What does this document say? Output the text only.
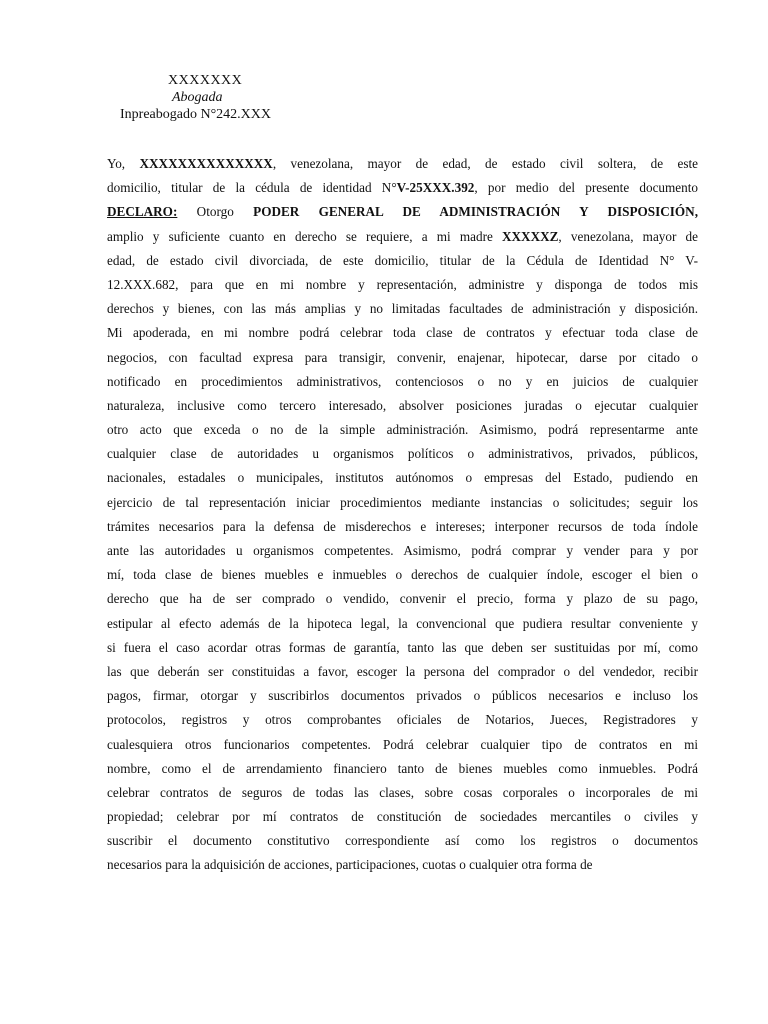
XXXXXXX
Abogada
Inpreabogado N°242.XXX
Yo, XXXXXXXXXXXXXX, venezolana, mayor de edad, de estado civil soltera, de este
domicilio, titular de la cédula de identidad N°V-25XXX.392, por medio del presente documento
DECLARO: Otorgo PODER GENERAL DE ADMINISTRACIÓN Y DISPOSICIÓN,
amplio y suficiente cuanto en derecho se requiere, a mi madre XXXXXZ, venezolana, mayor de
edad, de estado civil divorciada, de este domicilio, titular de la Cédula de Identidad N° V-
12.XXX.682, para que en mi nombre y representación, administre y disponga de todos mis
derechos y bienes, con las más amplias y no limitadas facultades de administración y disposición.
Mi apoderada, en mi nombre podrá celebrar toda clase de contratos y efectuar toda clase de
negocios, con facultad expresa para transigir, convenir, enajenar, hipotecar, darse por citado o
notificado en procedimientos administrativos, contenciosos o no y en juicios de cualquier
naturaleza, inclusive como tercero interesado, absolver posiciones juradas o ejecutar cualquier
otro acto que exceda o no de la simple administración. Asimismo, podrá representarme ante
cualquier clase de autoridades u organismos políticos o administrativos, privados, públicos,
nacionales, estadales o municipales, institutos autónomos o empresas del Estado, pudiendo en
ejercicio de tal representación iniciar procedimientos mediante instancias o solicitudes; seguir los
trámites necesarios para la defensa de misderechos e intereses; interponer recursos de toda índole
ante las autoridades u organismos competentes. Asimismo, podrá comprar y vender para y por
mí, toda clase de bienes muebles e inmuebles o derechos de cualquier índole, escoger el bien o
derecho que ha de ser comprado o vendido, convenir el precio, forma y plazo de su pago,
estipular al efecto además de la hipoteca legal, la convencional que pudiera resultar conveniente y
si fuera el caso acordar otras formas de garantía, tanto las que deben ser sustituidas por mí, como
las que deberán ser constituidas a favor, escoger la persona del comprador o del vendedor, recibir
pagos, firmar, otorgar y suscribirlos documentos privados o públicos necesarios e incluso los
protocolos, registros y otros comprobantes oficiales de Notarios, Jueces, Registradores y
cualesquiera otros funcionarios competentes. Podrá celebrar cualquier tipo de contratos en mi
nombre, como el de arrendamiento financiero tanto de bienes muebles como inmuebles. Podrá
celebrar contratos de seguros de todas las clases, sobre cosas corporales o incorporales de mi
propiedad; celebrar por mí contratos de constitución de sociedades mercantiles o civiles y
suscribir el documento constitutivo correspondiente así como los registros o documentos
necesarios para la adquisición de acciones, participaciones, cuotas o cualquier otra forma de
